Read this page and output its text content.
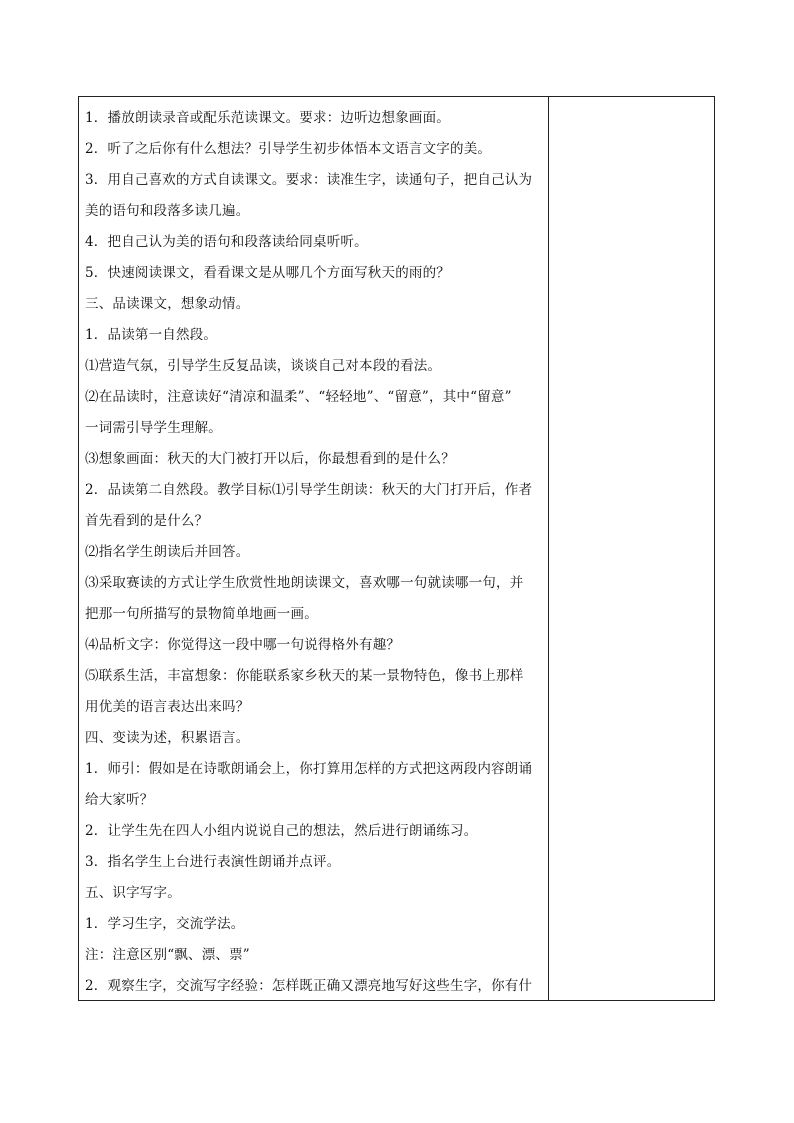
1．播放朗读录音或配乐范读课文。要求：边听边想象画面。
2．听了之后你有什么想法？引导学生初步体悟本文语言文字的美。
3．用自己喜欢的方式自读课文。要求：读准生字，读通句子，把自己认为
美的语句和段落多读几遍。
4．把自己认为美的语句和段落读给同桌听听。
5．快速阅读课文，看看课文是从哪几个方面写秋天的雨的？
三、品读课文，想象动情。
1．品读第一自然段。
⑴营造气氛，引导学生反复品读，谈谈自己对本段的看法。
⑵在品读时，注意读好“清凉和温柔”、“轻轻地”、“留意”，其中“留意”
一词需引导学生理解。
⑶想象画面：秋天的大门被打开以后，你最想看到的是什么？
2．品读第二自然段。教学目标⑴引导学生朗读：秋天的大门打开后，作者
首先看到的是什么？
⑵指名学生朗读后并回答。
⑶采取赛读的方式让学生欣赏性地朗读课文，喜欢哪一句就读哪一句，并
把那一句所描写的景物简单地画一画。
⑷品析文字：你觉得这一段中哪一句说得格外有趣？
⑸联系生活，丰富想象：你能联系家乡秋天的某一景物特色，像书上那样
用优美的语言表达出来吗？
四、变读为述，积累语言。
1．师引：假如是在诗歌朗诵会上，你打算用怎样的方式把这两段内容朗诵
给大家听？
2．让学生先在四人小组内说说自己的想法，然后进行朗诵练习。
3．指名学生上台进行表演性朗诵并点评。
五、识字写字。
1．学习生字，交流学法。
注：注意区别“飘、漂、票”
2．观察生字，交流写字经验：怎样既正确又漂亮地写好这些生字，你有什
